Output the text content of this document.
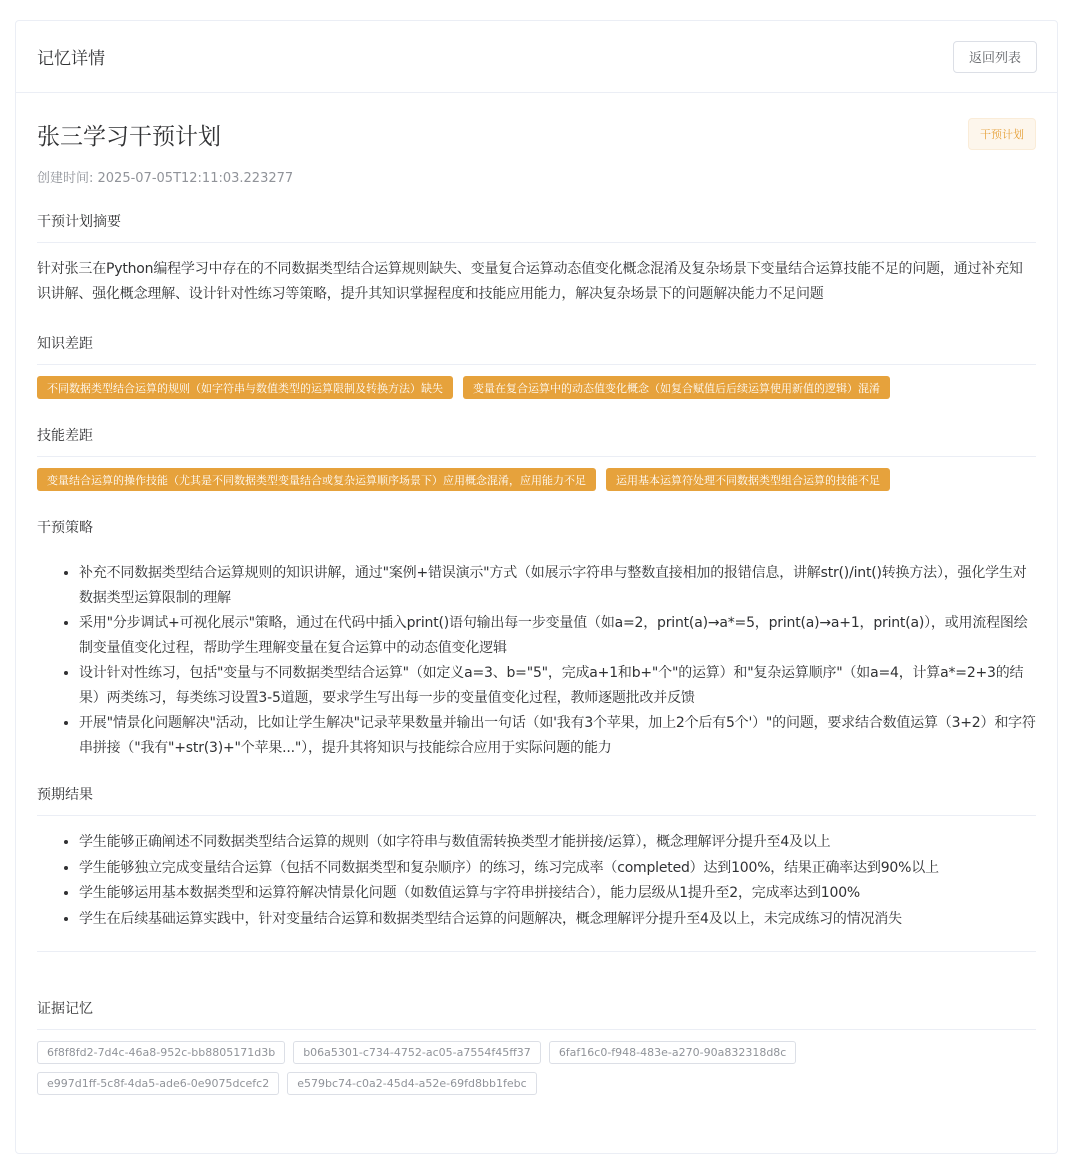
记忆详情	返回列表
张三学习干预计划	干预计划
创建时间: 2025-07-05T12:11:03.223277
干预计划摘要

针对张三在Python编程学习中存在的不同数据类型结合运算规则缺失、变量复合运算动态值变化概念混淆及复杂场景下变量结合运算技能不足的问题，通过补充知识讲解、强化概念理解、设计针对性练习等策略，提升其知识掌握程度和技能应用能力，解决复杂场景下的问题解决能力不足问题

知识差距
不同数据类型结合运算的规则（如字符串与数值类型的运算限制及转换方法）缺失	变量在复合运算中的动态值变化概念（如复合赋值后后续运算使用新值的逻辑）混淆
技能差距
变量结合运算的操作技能（尤其是不同数据类型变量结合或复杂运算顺序场景下）应用概念混淆，应用能力不足	运用基本运算符处理不同数据类型组合运算的技能不足
干预策略
• 补充不同数据类型结合运算规则的知识讲解，通过"案例+错误演示"方式（如展示字符串与整数直接相加的报错信息，讲解str()/int()转换方法），强化学生对数据类型运算限制的理解
• 采用"分步调试+可视化展示"策略，通过在代码中插入print()语句输出每一步变量值（如a=2，print(a)→a*=5，print(a)→a+1，print(a)），或用流程图绘制变量值变化过程，帮助学生理解变量在复合运算中的动态值变化逻辑
• 设计针对性练习，包括"变量与不同数据类型结合运算"（如定义a=3、b="5"，完成a+1和b+"个"的运算）和"复杂运算顺序"（如a=4，计算a*=2+3的结果）两类练习，每类练习设置3-5道题，要求学生写出每一步的变量值变化过程，教师逐题批改并反馈
• 开展"情景化问题解决"活动，比如让学生解决"记录苹果数量并输出一句话（如'我有3个苹果，加上2个后有5个'）"的问题，要求结合数值运算（3+2）和字符串拼接（"我有"+str(3)+"个苹果..."），提升其将知识与技能综合应用于实际问题的能力
预期结果
• 学生能够正确阐述不同数据类型结合运算的规则（如字符串与数值需转换类型才能拼接/运算），概念理解评分提升至4及以上
• 学生能够独立完成变量结合运算（包括不同数据类型和复杂顺序）的练习，练习完成率（completed）达到100%，结果正确率达到90%以上
• 学生能够运用基本数据类型和运算符解决情景化问题（如数值运算与字符串拼接结合），能力层级从1提升至2，完成率达到100%
• 学生在后续基础运算实践中，针对变量结合运算和数据类型结合运算的问题解决，概念理解评分提升至4及以上，未完成练习的情况消失
证据记忆
6f8f8fd2-7d4c-46a8-952c-bb8805171d3b	b06a5301-c734-4752-ac05-a7554f45ff37	6faf16c0-f948-483e-a270-90a832318d8c
e997d1ff-5c8f-4da5-ade6-0e9075dcefc2	e579bc74-c0a2-45d4-a52e-69fd8bb1febc
